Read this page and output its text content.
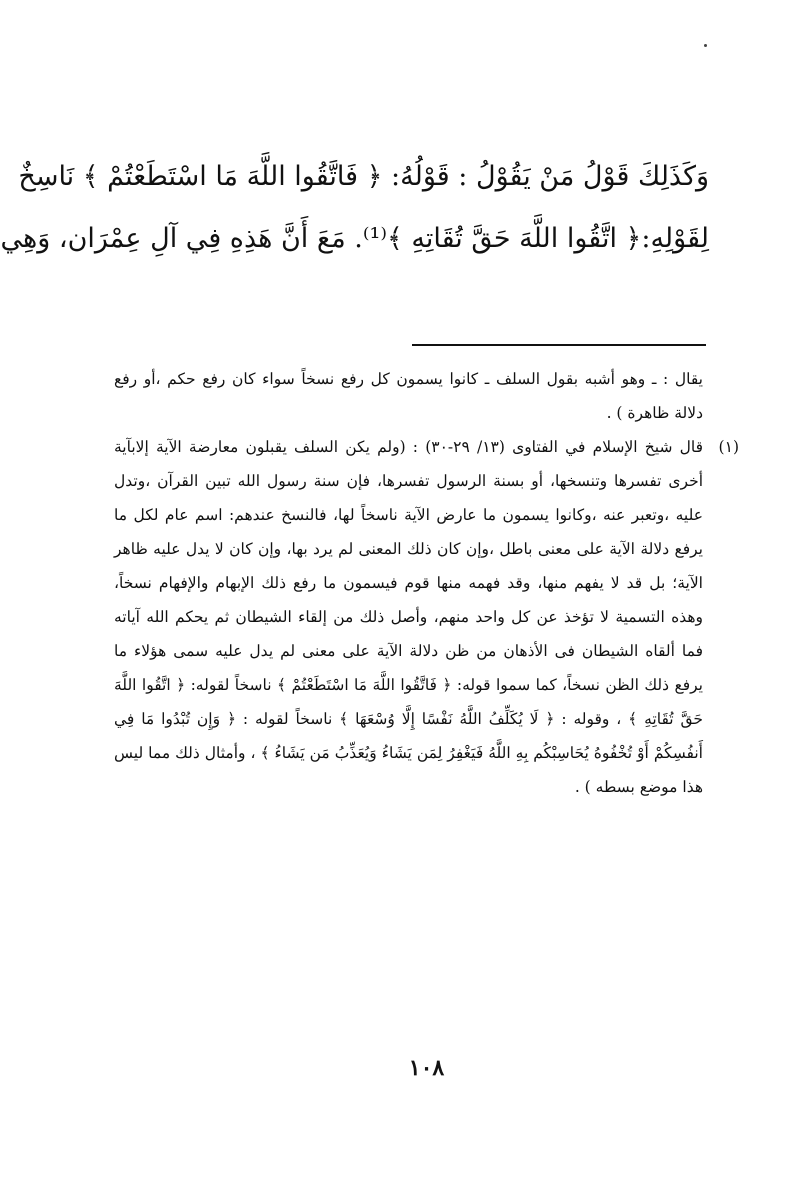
وَكَذَلِكَ قَوْلُ مَنْ يَقُوْلُ : قَوْلُهُ: ﴿ فَاتَّقُوا اللَّهَ مَا اسْتَطَعْتُمْ ﴾ نَاسِخٌ
لِقَوْلِهِ:﴿ اتَّقُوا اللَّهَ حَقَّ تُقَاتِهِ ﴾⁽¹⁾. مَعَ أَنَّ هَذِهِ فِي آلِ عِمْرَان، وَهِي

يقال : ـ وهو أشبه بقول السلف ـ كانوا يسمون كل رفع نسخاً سواء كان رفع حكم ،أو رفع دلالة ظاهرة ) .

(١)
قال شيخ الإسلام في الفتاوى (١٣/ ٢٩-٣٠) : (ولم يكن السلف يقبلون معارضة الآية إلابآية أخرى تفسرها وتنسخها، أو بسنة الرسول تفسرها، فإن سنة رسول الله تبين القرآن ،وتدل عليه ،وتعبر عنه ،وكانوا يسمون ما عارض الآية ناسخاً لها، فالنسخ عندهم: اسم عام لكل ما يرفع دلالة الآية على معنى باطل ،وإن كان ذلك المعنى لم يرد بها، وإن كان لا يدل عليه ظاهر الآية؛ بل قد لا يفهم منها، وقد فهمه منها قوم فيسمون ما رفع ذلك الإبهام والإفهام نسخاً، وهذه التسمية لا تؤخذ عن كل واحد منهم، وأصل ذلك من إلقاء الشيطان ثم يحكم الله آياته فما ألقاه الشيطان فى الأذهان من ظن دلالة الآية على معنى لم يدل عليه سمى هؤلاء ما يرفع ذلك الظن نسخاً، كما سموا قوله: ﴿ فَاتَّقُوا اللَّهَ مَا اسْتَطَعْتُمْ ﴾ ناسخاً لقوله: ﴿ اتَّقُوا اللَّهَ حَقَّ تُقَاتِهِ ﴾ ، وقوله : ﴿ لَا يُكَلِّفُ اللَّهُ نَفْسًا إِلَّا وُسْعَهَا ﴾ ناسخاً لقوله : ﴿ وَإِن تُبْدُوا مَا فِي أَنفُسِكُمْ أَوْ تُخْفُوهُ يُحَاسِبْكُم بِهِ اللَّهُ فَيَغْفِرُ لِمَن يَشَاءُ وَيُعَذِّبُ مَن يَشَاءُ ﴾ ، وأمثال ذلك مما ليس هذا موضع بسطه ) .
١٠٨
